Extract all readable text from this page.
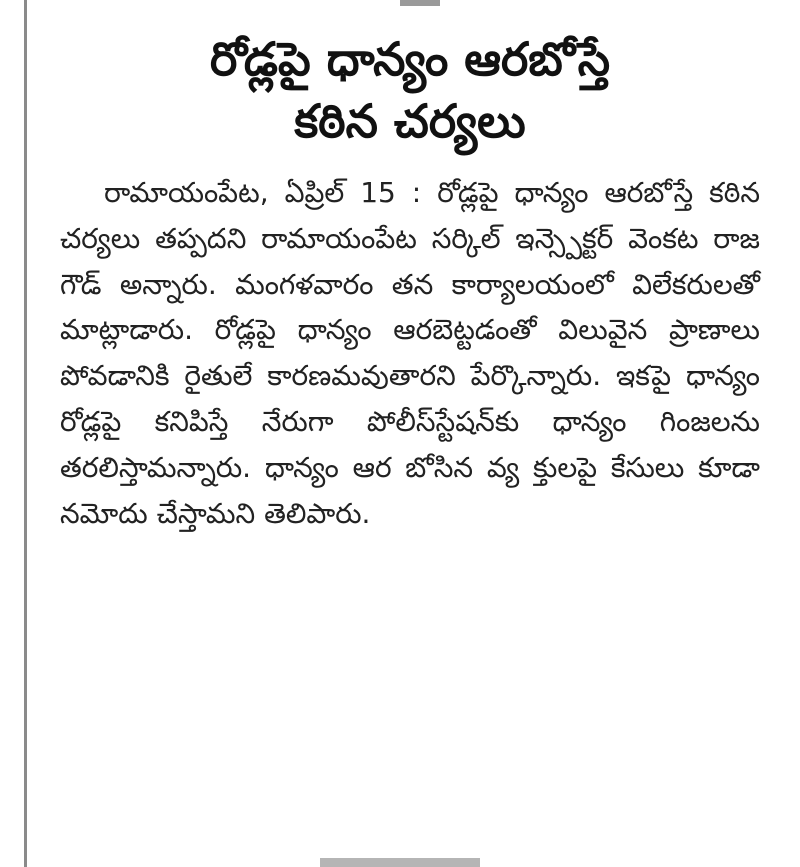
రోడ్లపై ధాన్యం ఆరబోస్తే
కఠిన చర్యలు

రామాయంపేట, ఏప్రిల్ 15 : రోడ్లపై ధాన్యం ఆరబోస్తే కఠిన చర్యలు తప్పదని రామాయంపేట సర్కిల్ ఇన్స్పెక్టర్ వెంకట రాజ గౌడ్ అన్నారు. మంగళవారం తన కార్యాలయంలో విలేకరులతో మాట్లాడారు. రోడ్లపై ధాన్యం ఆరబెట్టడంతో విలువైన ప్రాణాలు పోవడానికి రైతులే కారణమవుతారని పేర్కొన్నారు. ఇకపై ధాన్యం రోడ్లపై కనిపిస్తే నేరుగా పోలీస్‌స్టేషన్‌కు ధాన్యం గింజలను తరలిస్తామన్నారు. ధాన్యం ఆర బోసిన వ్య క్తులపై కేసులు కూడా నమోదు చేస్తామని తెలిపారు.
